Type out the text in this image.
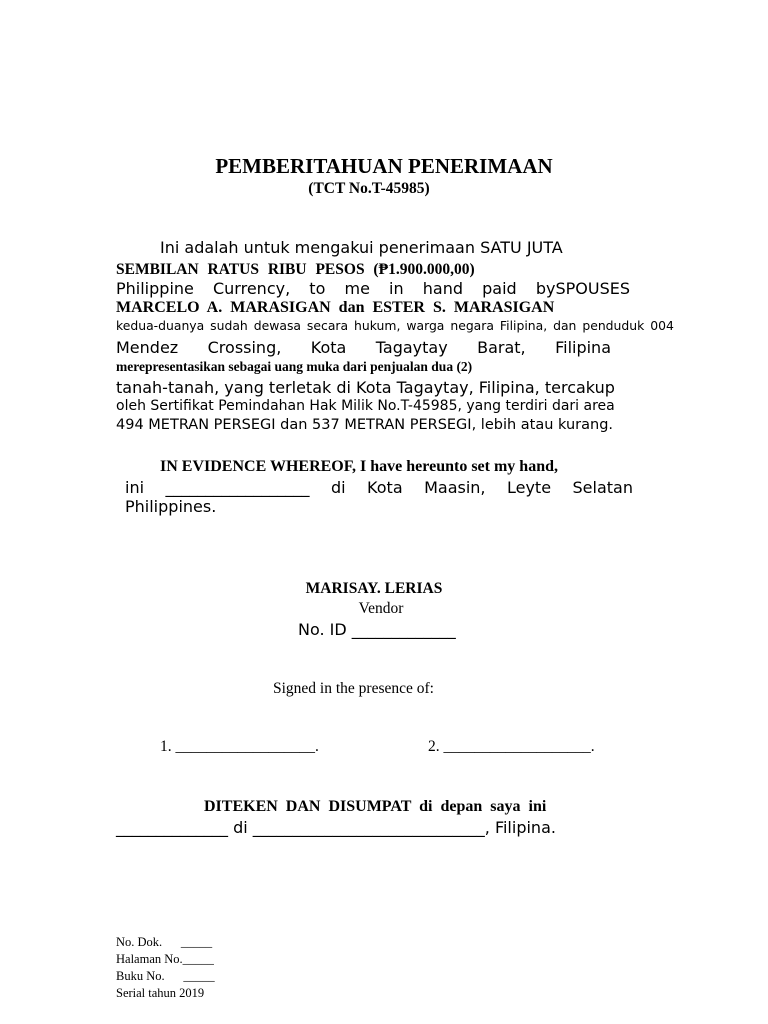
PEMBERITAHUAN PENERIMAAN
(TCT No.T-45985)
Ini adalah untuk mengakui penerimaan SATU JUTA
SEMBILAN RATUS RIBU PESOS (₱1.900.000,00)
Philippine Currency, to me in hand paid bySPOUSES
MARCELO A. MARASIGAN dan ESTER S. MARASIGAN
kedua-duanya sudah dewasa secara hukum, warga negara Filipina, dan penduduk 004
Mendez Crossing, Kota Tagaytay Barat, Filipina
merepresentasikan sebagai uang muka dari penjualan dua (2)
tanah-tanah, yang terletak di Kota Tagaytay, Filipina, tercakup
oleh Sertifikat Pemindahan Hak Milik No.T-45985, yang terdiri dari area
494 METRAN PERSEGI dan 537 METRAN PERSEGI, lebih atau kurang.
IN EVIDENCE WHEREOF, I have hereunto set my hand,
ini __________________ di Kota Maasin, Leyte Selatan
Philippines.
MARISAY. LERIAS
Vendor
No. ID _____________
Signed in the presence of:
1. __________________.	2. ___________________.
DITEKEN DAN DISUMPAT di depan saya ini
______________ di _____________________________, Filipina.
No. Dok.      _____
Halaman No._____
Buku No.      _____
Serial tahun 2019
